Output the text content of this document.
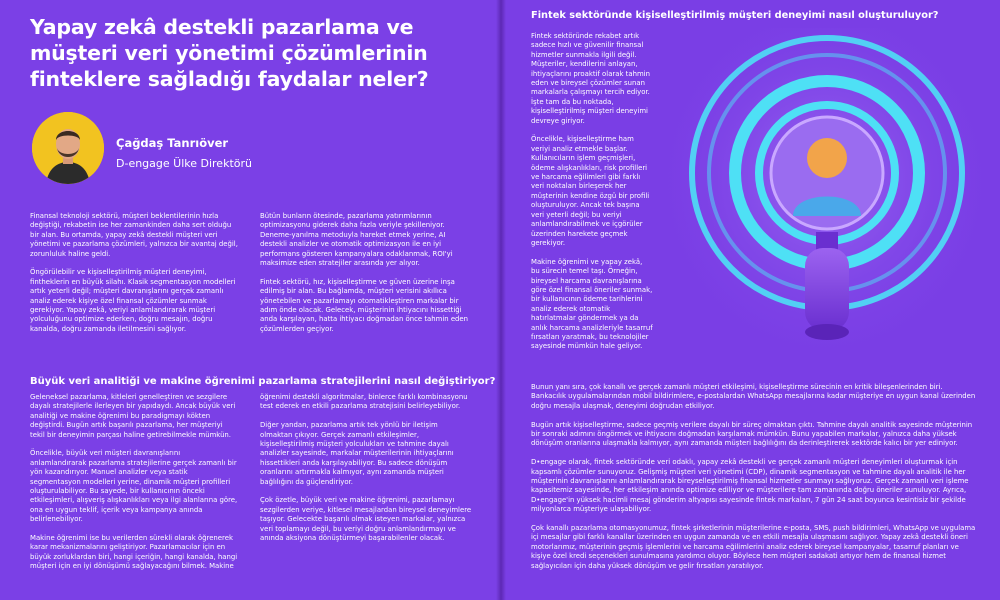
Yapay zekâ destekli pazarlama ve müşteri veri yönetimi çözümlerinin finteklere sağladığı faydalar neler?
Çağdaş Tanrıöver
D-engage Ülke Direktörü

Finansal teknoloji sektörü, müşteri beklentilerinin hızla değiştiği, rekabetin ise her zamankinden daha sert olduğu bir alan. Bu ortamda, yapay zekâ destekli müşteri veri yönetimi ve pazarlama çözümleri, yalnızca bir avantaj değil, zorunluluk haline geldi.

Öngörülebilir ve kişiselleştirilmiş müşteri deneyimi, fintheklerin en büyük silahı. Klasik segmentasyon modelleri artık yeterli değil; müşteri davranışlarını gerçek zamanlı analiz ederek kişiye özel finansal çözümler sunmak gerekiyor. Yapay zekâ, veriyi anlamlandırarak müşteri yolculuğunu optimize ederken, doğru mesajın, doğru kanalda, doğru zamanda iletilmesini sağlıyor.

Bütün bunların ötesinde, pazarlama yatırımlarının optimizasyonu giderek daha fazla veriyle şekilleniyor. Deneme-yanılma metoduyla hareket etmek yerine, AI destekli analizler ve otomatik optimizasyon ile en iyi performans gösteren kampanyalara odaklanmak, ROI'yi maksimize eden stratejiler arasında yer alıyor.

Fintek sektörü, hız, kişiselleştirme ve güven üzerine inşa edilmiş bir alan. Bu bağlamda, müşteri verisini akıllıca yönetebilen ve pazarlamayı otomatikleştiren markalar bir adım önde olacak. Gelecek, müşterinin ihtiyacını hissettiği anda karşılayan, hatta ihtiyacı doğmadan önce tahmin eden çözümlerden geçiyor.

Büyük veri analitiği ve makine öğrenimi pazarlama stratejilerini nasıl değiştiriyor?

Geleneksel pazarlama, kitleleri genelleştiren ve sezgilere dayalı stratejilerle ilerleyen bir yapıdaydı. Ancak büyük veri analitiği ve makine öğrenimi bu paradigmayı kökten değiştirdi. Bugün artık başarılı pazarlama, her müşteriyi tekil bir deneyimin parçası haline getirebilmekle mümkün.

Öncelikle, büyük veri müşteri davranışlarını anlamlandırarak pazarlama stratejilerine gerçek zamanlı bir yön kazandırıyor. Manuel analizler veya statik segmentasyon modelleri yerine, dinamik müşteri profilleri oluşturulabiliyor. Bu sayede, bir kullanıcının önceki etkileşimleri, alışveriş alışkanlıkları veya ilgi alanlarına göre, ona en uygun teklif, içerik veya kampanya anında belirlenebiliyor.

Makine öğrenimi ise bu verilerden sürekli olarak öğrenerek karar mekanizmalarını geliştiriyor. Pazarlamacılar için en büyük zorluklardan biri, hangi içeriğin, hangi kanalda, hangi müşteri için en iyi dönüşümü sağlayacağını bilmek. Makine

öğrenimi destekli algoritmalar, binlerce farklı kombinasyonu test ederek en etkili pazarlama stratejisini belirleyebiliyor.

Diğer yandan, pazarlama artık tek yönlü bir iletişim olmaktan çıkıyor. Gerçek zamanlı etkileşimler, kişiselleştirilmiş müşteri yolculukları ve tahmine dayalı analizler sayesinde, markalar müşterilerinin ihtiyaçlarını hissettikleri anda karşılayabiliyor. Bu sadece dönüşüm oranlarını artırmakla kalmıyor, aynı zamanda müşteri bağlılığını da güçlendiriyor.

Çok özetle, büyük veri ve makine öğrenimi, pazarlamayı sezgilerden veriye, kitlesel mesajlardan bireysel deneyimlere taşıyor. Gelecekte başarılı olmak isteyen markalar, yalnızca veri toplamayı değil, bu veriyi doğru anlamlandırmayı ve anında aksiyona dönüştürmeyi başarabilenler olacak.

Fintek sektöründe kişiselleştirilmiş müşteri deneyimi nasıl oluşturuluyor?

Fintek sektöründe rekabet artık sadece hızlı ve güvenilir finansal hizmetler sunmakla ilgili değil. Müşteriler, kendilerini anlayan, ihtiyaçlarını proaktif olarak tahmin eden ve bireysel çözümler sunan markalarla çalışmayı tercih ediyor. İşte tam da bu noktada, kişiselleştirilmiş müşteri deneyimi devreye giriyor.

Öncelikle, kişiselleştirme ham veriyi analiz etmekle başlar. Kullanıcıların işlem geçmişleri, ödeme alışkanlıkları, risk profilleri ve harcama eğilimleri gibi farklı veri noktaları birleşerek her müşterinin kendine özgü bir profili oluşturuluyor. Ancak tek başına veri yeterli değil; bu veriyi anlamlandırabilmek ve içgörüler üzerinden harekete geçmek gerekiyor.

Makine öğrenimi ve yapay zekâ, bu sürecin temel taşı. Örneğin, bireysel harcama davranışlarına göre özel finansal öneriler sunmak, bir kullanıcının ödeme tarihlerini analiz ederek otomatik hatırlatmalar göndermek ya da anlık harcama analizleriyle tasarruf fırsatları yaratmak, bu teknolojiler sayesinde mümkün hale geliyor.

Bunun yanı sıra, çok kanallı ve gerçek zamanlı müşteri etkileşimi, kişiselleştirme sürecinin en kritik bileşenlerinden biri. Bankacılık uygulamalarından mobil bildirimlere, e-postalardan WhatsApp mesajlarına kadar müşteriye en uygun kanal üzerinden doğru mesajla ulaşmak, deneyimi doğrudan etkiliyor.

Bugün artık kişiselleştirme, sadece geçmiş verilere dayalı bir süreç olmaktan çıktı. Tahmine dayalı analitik sayesinde müşterinin bir sonraki adımını öngörmek ve ihtiyacını doğmadan karşılamak mümkün. Bunu yapabilen markalar, yalnızca daha yüksek dönüşüm oranlarına ulaşmakla kalmıyor, aynı zamanda müşteri bağlılığını da derinleştirerek sektörde kalıcı bir yer ediniyor.

D•engage olarak, fintek sektöründe veri odaklı, yapay zekâ destekli ve gerçek zamanlı müşteri deneyimleri oluşturmak için kapsamlı çözümler sunuyoruz. Gelişmiş müşteri veri yönetimi (CDP), dinamik segmentasyon ve tahmine dayalı analitik ile her müşterinin davranışlarını anlamlandırarak bireyselleştirilmiş finansal hizmetler sunmayı sağlıyoruz. Gerçek zamanlı veri işleme kapasitemiz sayesinde, her etkileşim anında optimize ediliyor ve müşterilere tam zamanında doğru öneriler sunuluyor. Ayrıca, D•engage'in yüksek hacimli mesaj gönderim altyapısı sayesinde fintek markaları, 7 gün 24 saat boyunca kesintisiz bir şekilde milyonlarca müşteriye ulaşabiliyor.

Çok kanallı pazarlama otomasyonumuz, fintek şirketlerinin müşterilerine e-posta, SMS, push bildirimleri, WhatsApp ve uygulama içi mesajlar gibi farklı kanallar üzerinden en uygun zamanda ve en etkili mesajla ulaşmasını sağlıyor. Yapay zekâ destekli öneri motorlarımız, müşterinin geçmiş işlemlerini ve harcama eğilimlerini analiz ederek bireysel kampanyalar, tasarruf planları ve kişiye özel kredi seçenekleri sunulmasına yardımcı oluyor. Böylece hem müşteri sadakati artıyor hem de finansal hizmet sağlayıcıları için daha yüksek dönüşüm ve gelir fırsatları yaratılıyor.
